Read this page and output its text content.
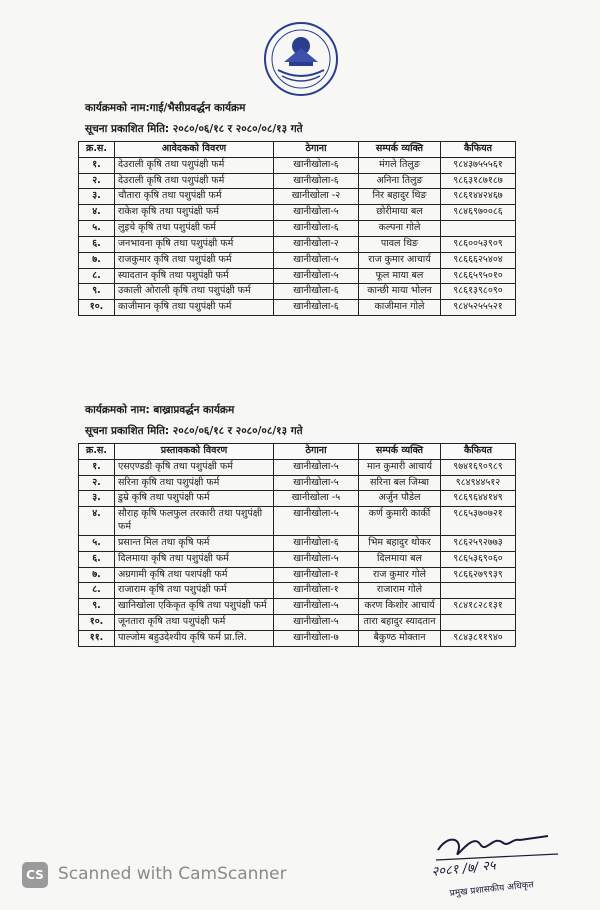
कार्यक्रमको नाम:गाई/भैसीप्रवर्द्धन कार्यक्रम
सूचना प्रकाशित मिति: २०८०/०६/१८ र २०८०/०८/१३ गते
क्र.स.	आवेदकको विवरण	ठेगाना	सम्पर्क व्यक्ति	कैफियत
१.	देउराली कृषि तथा पशुपंक्षी फर्म	खानीखोला-६	मंगले तिलुङ	९८४३७५५५६१
२.	देउराली कृषि तथा पशुपंक्षी फर्म	खानीखोला-६	अनिना तिलुङ	९८६३१८७१८७
३.	चौतारा कृषि तथा पशुपंक्षी फर्म	खानीखोला -२	निर बहादुर थिङ	९८६१४४२४६७
४.	राकेश कृषि तथा पशुपंक्षी फर्म	खानीखोला-५	छोरीमाया बल	९८४६९७००८६
५.	लुइचे कृषि तथा पशुपंक्षी फर्म	खानीखोला-६	कल्पना गोले	
६.	जनभावना कृषि तथा पशुपंक्षी फर्म	खानीखोला-२	पावल थिङ	९८६००५३९०९
७.	राजकुमार कृषि तथा पशुपंक्षी फर्म	खानीखोला-५	राज कुमार आचार्य	९८६६६२५४०४
८.	स्यादतान कृषि तथा पशुपंक्षी फर्म	खानीखोला-५	फूल माया बल	९८६६५९५०१०
९.	उकाली ओराली कृषि तथा पशुपंक्षी फर्म	खानीखोला-६	कान्छी माया भोलन	९८६१३९८०९०
१०.	काजीमान कृषि तथा पशुपंक्षी फर्म	खानीखोला-६	काजीमान गोले	९८४५२५५५२१
कार्यक्रमको नाम: बाख्राप्रवर्द्धन कार्यक्रम
सूचना प्रकाशित मिति: २०८०/०६/१८ र २०८०/०८/१३ गते
क्र.स.	प्रस्तावकको विवरण	ठेगाना	सम्पर्क व्यक्ति	कैफियत
१.	एसएण्डडी कृषि तथा पशुपंक्षी फर्म	खानीखोला-५	मान कुमारी आचार्य	९७४१६९०९८९
२.	सरिना कृषि तथा पशुपंक्षी फर्म	खानीखोला-५	सरिना बल जिम्बा	९८४९४४५१२
३.	डुम्रे कृषि तथा पशुपंक्षी फर्म	खानीखोला -५	अर्जुन पौडेल	९८६९६४४१४९
४.	सौराह कृषि फलफुल तरकारी तथा पशुपंक्षी फर्म	खानीखोला-५	कर्ण कुमारी कार्की	९८६५३७०७२१
५.	प्रसान्त मिल तथा कृषि फर्म	खानीखोला-६	भिम बहादुर थोकर	९८६२५९२७७३
६.	दिलमाया कृषि तथा पशुपंक्षी फर्म	खानीखोला-५	दिलमाया बल	९८६५३६९०६०
७.	अग्रगामी कृषि तथा पशपंक्षी फर्म	खानीखोला-१	राज कुमार गोले	९८६६२७९९३९
८.	राजाराम कृषि तथा पशुपंक्षी फर्म	खानीखोला-१	राजाराम गोले	
९.	खानिखोला एकिकृत कृषि तथा पशुपंक्षी फर्म	खानीखोला-५	करण किशोर आचार्य	९८४१८२८१३१
१०.	जूनतारा कृषि तथा पशुपंक्षी फर्म	खानीखोला-५	तारा बहादुर स्यादतान	
११.	पाल्जोम बहुउदेश्यीय कृषि फर्म प्रा.लि.	खानीखोला-७	बैकुण्ठ मोक्तान	९८४३८११९४०
२०८१ /७/ २५
प्रमुख प्रशासकीय अधिकृत
CS Scanned with CamScanner
